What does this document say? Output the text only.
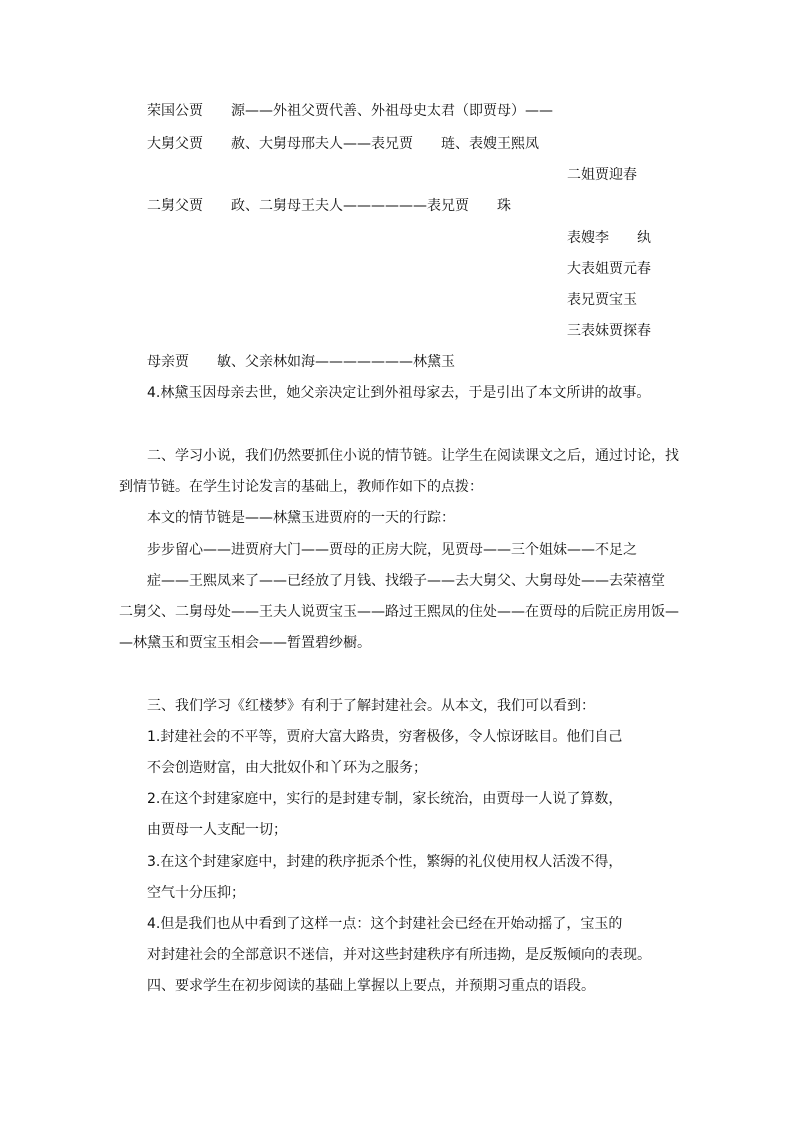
荣国公贾　　源——外祖父贾代善、外祖母史太君（即贾母）——
大舅父贾　　赦、大舅母邢夫人——表兄贾　　琏、表嫂王熙凤
二姐贾迎春
二舅父贾　　政、二舅母王夫人——————表兄贾　　珠
表嫂李　　纨
大表姐贾元春
表兄贾宝玉
三表妹贾探春
母亲贾　　敏、父亲林如海———————林黛玉
4.林黛玉因母亲去世，她父亲决定让到外祖母家去，于是引出了本文所讲的故事。
二、学习小说，我们仍然要抓住小说的情节链。让学生在阅读课文之后，通过讨论，找
到情节链。在学生讨论发言的基础上，教师作如下的点拨：
本文的情节链是——林黛玉进贾府的一天的行踪：
步步留心——进贾府大门——贾母的正房大院，见贾母——三个姐妹——不足之
症——王熙凤来了——已经放了月钱、找缎子——去大舅父、大舅母处——去荣禧堂
二舅父、二舅母处——王夫人说贾宝玉——路过王熙凤的住处——在贾母的后院正房用饭—
—林黛玉和贾宝玉相会——暂置碧纱橱。
三、我们学习《红楼梦》有利于了解封建社会。从本文，我们可以看到：
1.封建社会的不平等，贾府大富大路贵，穷奢极侈，令人惊讶眩目。他们自己
不会创造财富，由大批奴仆和丫环为之服务；
2.在这个封建家庭中，实行的是封建专制，家长统治，由贾母一人说了算数，
由贾母一人支配一切；
3.在这个封建家庭中，封建的秩序扼杀个性，繁缛的礼仪使用权人活泼不得，
空气十分压抑；
4.但是我们也从中看到了这样一点：这个封建社会已经在开始动摇了，宝玉的
对封建社会的全部意识不迷信，并对这些封建秩序有所违拗，是反叛倾向的表现。
四、要求学生在初步阅读的基础上掌握以上要点，并预期习重点的语段。
